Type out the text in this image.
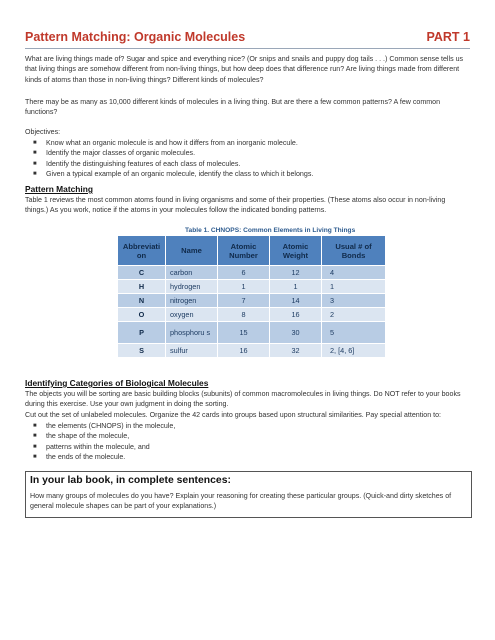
Pattern Matching: Organic Molecules	PART 1
What are living things made of? Sugar and spice and everything nice? (Or snips and snails and puppy dog tails . . .) Common sense tells us that living things are somehow different from non-living things, but how deep does that difference run? Are living things made from different kinds of atoms than those in non-living things? Different kinds of molecules?
There may be as many as 10,000 different kinds of molecules in a living thing. But are there a few common patterns? A few common functions?
Objectives:
■ Know what an organic molecule is and how it differs from an inorganic molecule.
■ Identify the major classes of organic molecules.
■ Identify the distinguishing features of each class of molecules.
■ Given a typical example of an organic molecule, identify the class to which it belongs.
Pattern Matching
Table 1 reviews the most common atoms found in living organisms and some of their properties. (These atoms also occur in non-living things.) As you work, notice if the atoms in your molecules follow the indicated bonding patterns.
Table 1. CHNOPS: Common Elements in Living Things
Abbreviati on	Name	Atomic Number	Atomic Weight	Usual # of Bonds
C	carbon	6	12	4
H	hydrogen	1	1	1
N	nitrogen	7	14	3
O	oxygen	8	16	2
P	phosphoru s	15	30	5
S	sulfur	16	32	2, [4, 6]
Identifying Categories of Biological Molecules
The objects you will be sorting are basic building blocks (subunits) of common macromolecules in living things. Do NOT refer to your books during this exercise. Use your own judgment in doing the sorting.
Cut out the set of unlabeled molecules. Organize the 42 cards into groups based upon structural similarities. Pay special attention to:
■ the elements (CHNOPS) in the molecule,
■ the shape of the molecule,
■ patterns within the molecule, and
■ the ends of the molecule.
In your lab book, in complete sentences:
How many groups of molecules do you have? Explain your reasoning for creating these particular groups. (Quick-and dirty sketches of general molecule shapes can be part of your explanations.)
